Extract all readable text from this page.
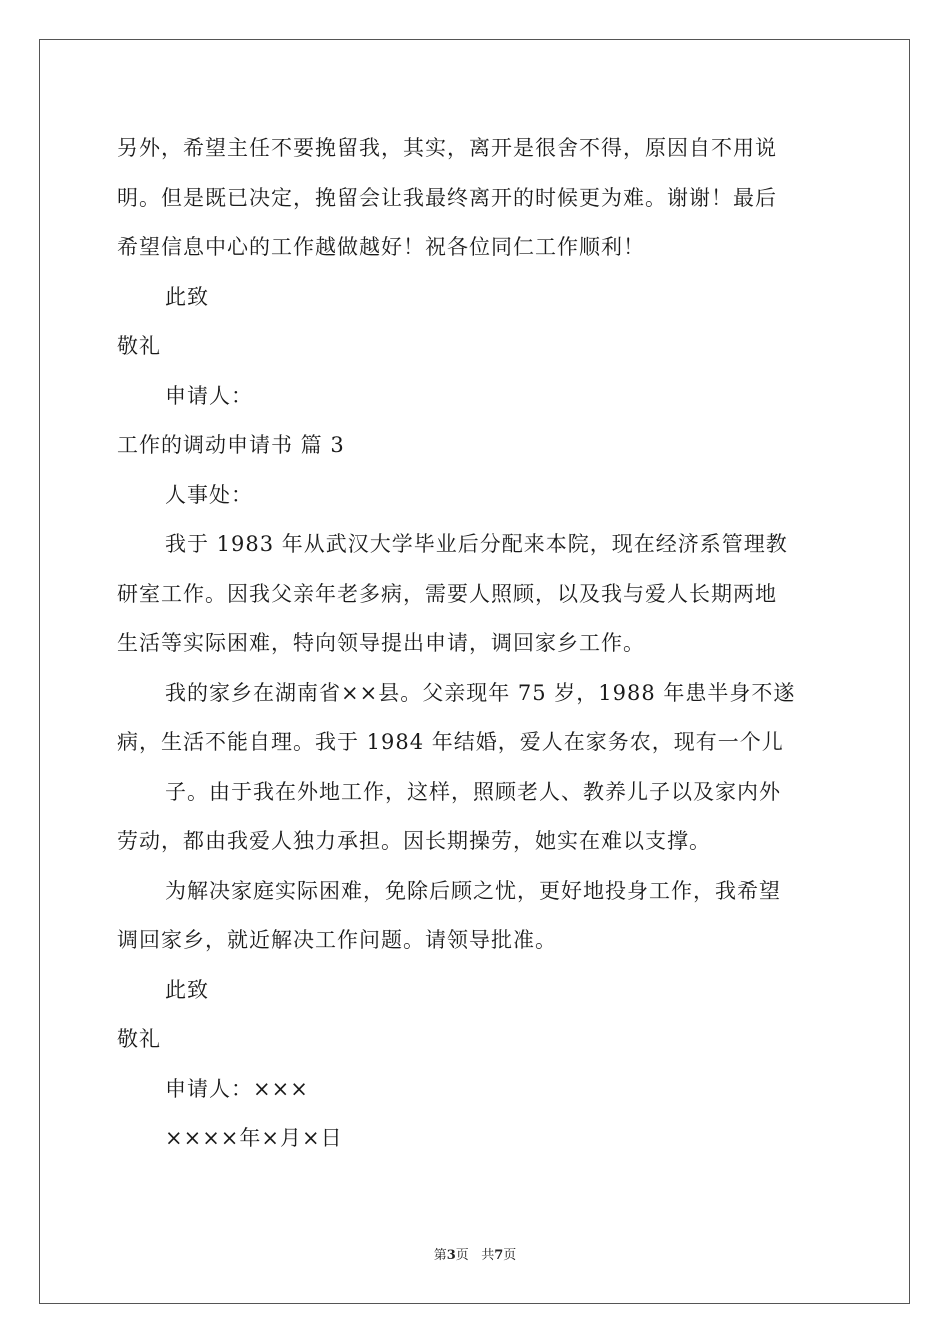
另外，希望主任不要挽留我，其实，离开是很舍不得，原因自不用说
明。但是既已决定，挽留会让我最终离开的时候更为难。谢谢！最后
希望信息中心的工作越做越好！祝各位同仁工作顺利！
此致
敬礼
申请人：
工作的调动申请书 篇 3
人事处：
我于 1983 年从武汉大学毕业后分配来本院，现在经济系管理教
研室工作。因我父亲年老多病，需要人照顾，以及我与爱人长期两地
生活等实际困难，特向领导提出申请，调回家乡工作。
我的家乡在湖南省××县。父亲现年 75 岁，1988 年患半身不遂
病，生活不能自理。我于 1984 年结婚，爱人在家务农，现有一个儿
子。由于我在外地工作，这样，照顾老人、教养儿子以及家内外
劳动，都由我爱人独力承担。因长期操劳，她实在难以支撑。
为解决家庭实际困难，免除后顾之忧，更好地投身工作，我希望
调回家乡，就近解决工作问题。请领导批准。
此致
敬礼
申请人：×××
××××年×月×日
第3页 共7页
